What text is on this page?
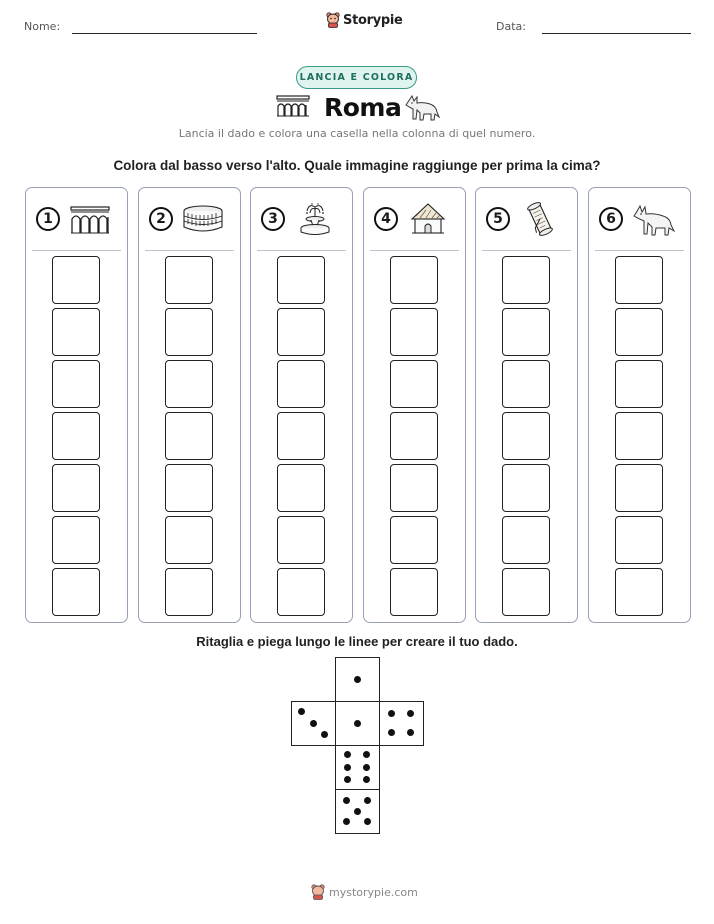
Nome:	Storypie	Data:
LANCIA E COLORA
Roma
Lancia il dado e colora una casella nella colonna di quel numero.
Colora dal basso verso l'alto. Quale immagine raggiunge per prima la cima?
1	2	3	4	5	6
Ritaglia e piega lungo le linee per creare il tuo dado.
mystorypie.com
